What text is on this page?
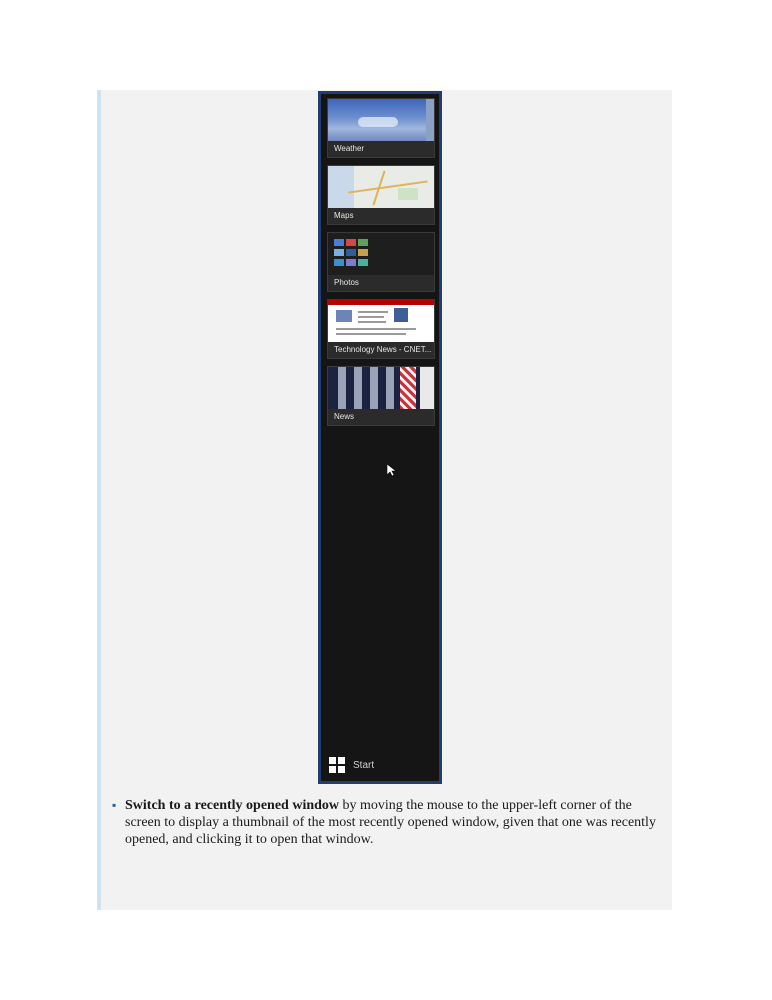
Weather
Maps
Photos
Technology News - CNET...
News
Start
▪ Switch to a recently opened window by moving the mouse to the upper-left corner of the screen to display a thumbnail of the most recently opened window, given that one was recently opened, and clicking it to open that window.
